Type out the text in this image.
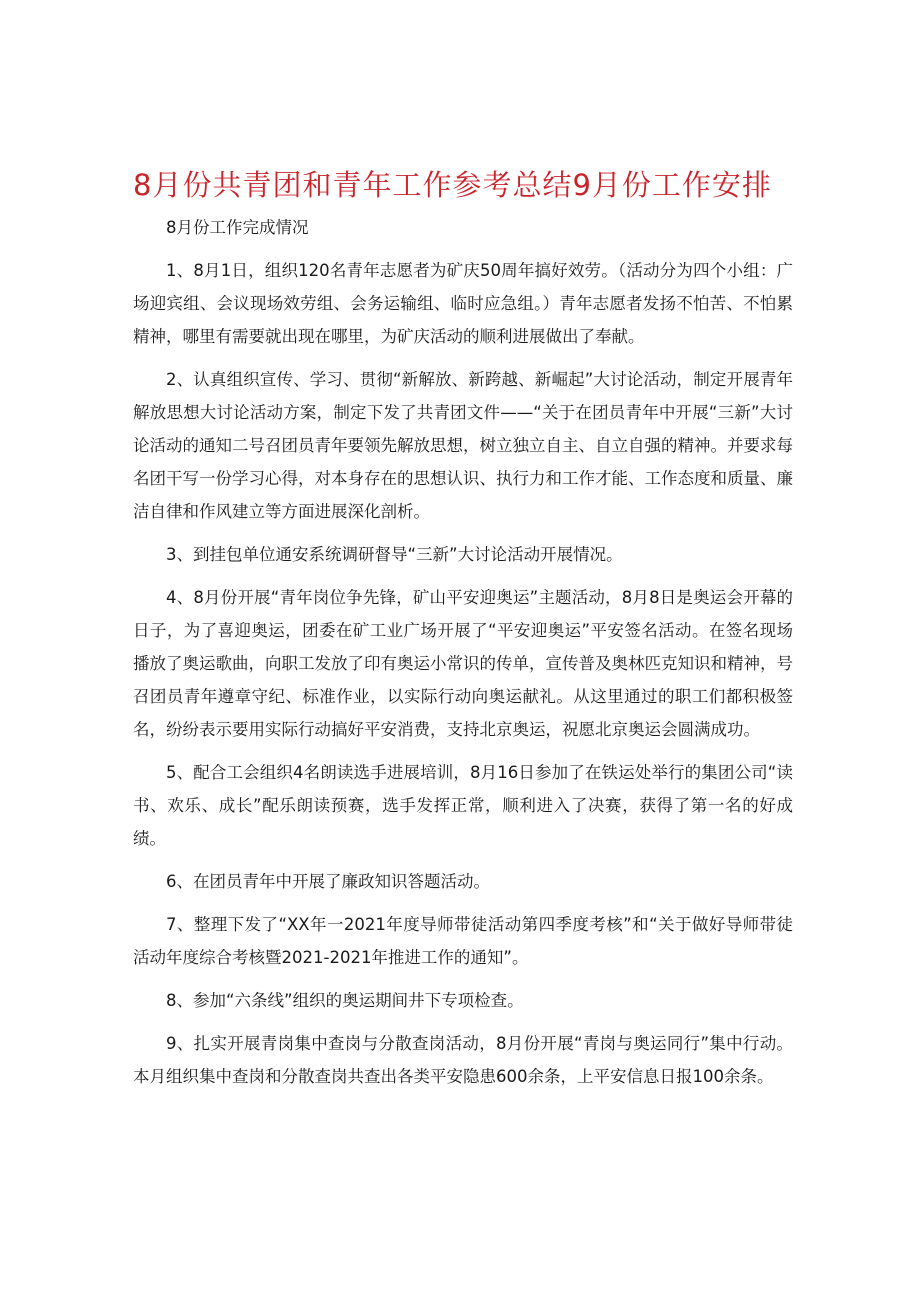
8月份共青团和青年工作参考总结9月份工作安排

8月份工作完成情况

1、8月1日，组织120名青年志愿者为矿庆50周年搞好效劳。（活动分为四个小组：广场迎宾组、会议现场效劳组、会务运输组、临时应急组。）青年志愿者发扬不怕苦、不怕累精神，哪里有需要就出现在哪里，为矿庆活动的顺利进展做出了奉献。

2、认真组织宣传、学习、贯彻“新解放、新跨越、新崛起”大讨论活动，制定开展青年解放思想大讨论活动方案，制定下发了共青团文件——“关于在团员青年中开展“三新”大讨论活动的通知二号召团员青年要领先解放思想，树立独立自主、自立自强的精神。并要求每名团干写一份学习心得，对本身存在的思想认识、执行力和工作才能、工作态度和质量、廉洁自律和作风建立等方面进展深化剖析。

3、到挂包单位通安系统调研督导“三新”大讨论活动开展情况。

4、8月份开展“青年岗位争先锋，矿山平安迎奥运”主题活动，8月8日是奥运会开幕的日子，为了喜迎奥运，团委在矿工业广场开展了“平安迎奥运”平安签名活动。在签名现场播放了奥运歌曲，向职工发放了印有奥运小常识的传单，宣传普及奥林匹克知识和精神，号召团员青年遵章守纪、标准作业，以实际行动向奥运献礼。从这里通过的职工们都积极签名，纷纷表示要用实际行动搞好平安消费，支持北京奥运，祝愿北京奥运会圆满成功。

5、配合工会组织4名朗读选手进展培训，8月16日参加了在铁运处举行的集团公司“读书、欢乐、成长”配乐朗读预赛，选手发挥正常，顺利进入了决赛，获得了第一名的好成绩。

6、在团员青年中开展了廉政知识答题活动。

7、整理下发了“XX年一2021年度导师带徒活动第四季度考核”和“关于做好导师带徒活动年度综合考核暨2021-2021年推进工作的通知”。

8、参加“六条线”组织的奥运期间井下专项检查。

9、扎实开展青岗集中查岗与分散查岗活动，8月份开展“青岗与奥运同行”集中行动。本月组织集中查岗和分散查岗共查出各类平安隐患600余条，上平安信息日报100余条。
